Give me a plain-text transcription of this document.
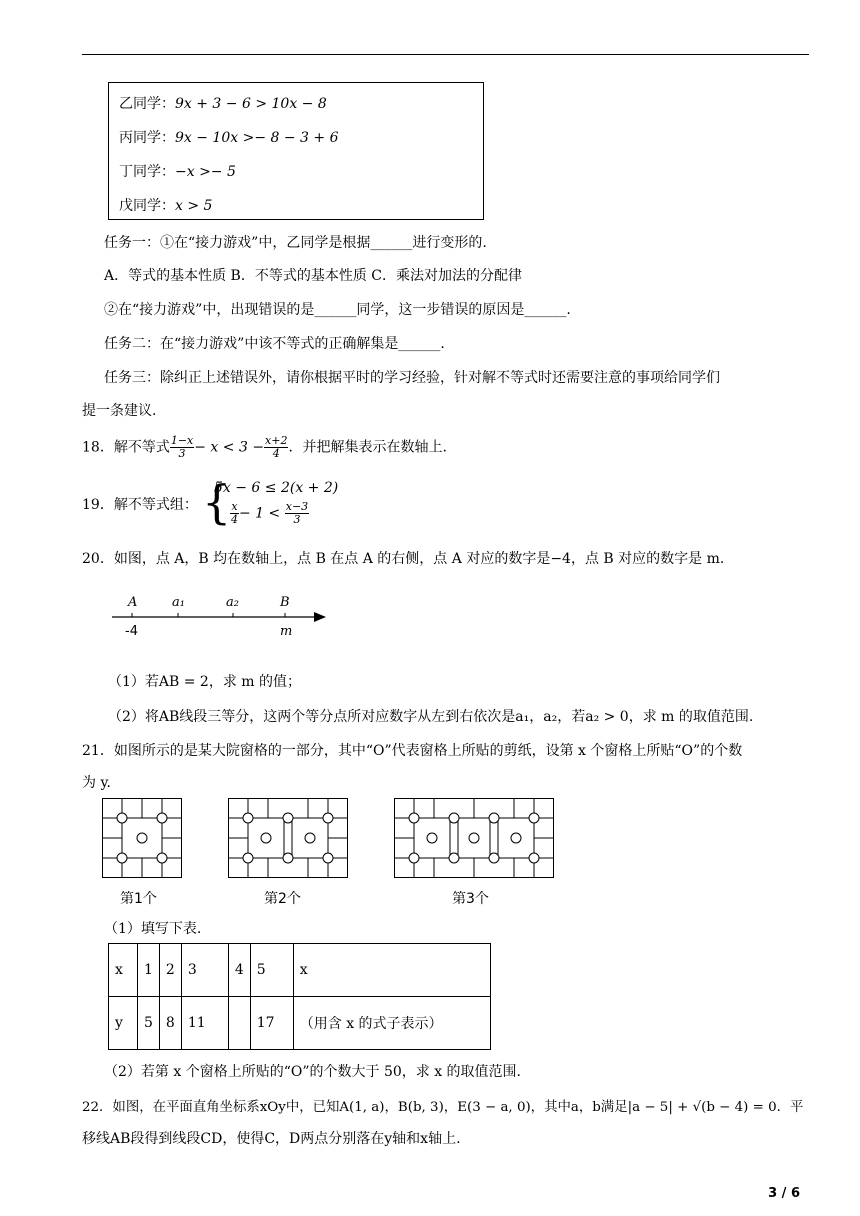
乙同学：9x + 3 − 6 > 10x − 8
丙同学：9x − 10x >− 8 − 3 + 6
丁同学：−x >− 5
戊同学：x > 5
任务一：①在“接力游戏”中，乙同学是根据______进行变形的.
A．等式的基本性质 B．不等式的基本性质 C．乘法对加法的分配律
②在“接力游戏”中，出现错误的是______同学，这一步错误的原因是______.
任务二：在“接力游戏”中该不等式的正确解集是______.
任务三：除纠正上述错误外，请你根据平时的学习经验，针对解不等式时还需要注意的事项给同学们
提一条建议.
18．解不等式 $\frac{1-x}{3} - x < 3 - \frac{x+2}{4}$ ．并把解集表示在数轴上.
19．解不等式组： {
5x − 6 ≤ 2(x + 2)
$\frac{x}{4} - 1 < \frac{x-3}{3}$
20．如图，点 A，B 均在数轴上，点 B 在点 A 的右侧，点 A 对应的数字是−4，点 B 对应的数字是 m.
A	a₁	a₂	B
-4	m
（1）若AB = 2，求 m 的值；
（2）将AB线段三等分，这两个等分点所对应数字从左到右依次是a₁，a₂，若a₂ > 0，求 m 的取值范围.
21．如图所示的是某大院窗格的一部分，其中“O”代表窗格上所贴的剪纸，设第 x 个窗格上所贴“O”的个数
为 y.
第1个	第2个	第3个
（1）填写下表.
x	1	2	3	4	5	x
y	5	8	11		17	（用含 x 的式子表示）
（2）若第 x 个窗格上所贴的“O”的个数大于 50，求 x 的取值范围.
22．如图，在平面直角坐标系xOy中，已知A(1, a)，B(b, 3)，E(3 − a, 0)，其中a，b满足|a − 5| + √(b − 4) = 0．平
移线AB段得到线段CD，使得C，D两点分别落在y轴和x轴上.
3 / 6
